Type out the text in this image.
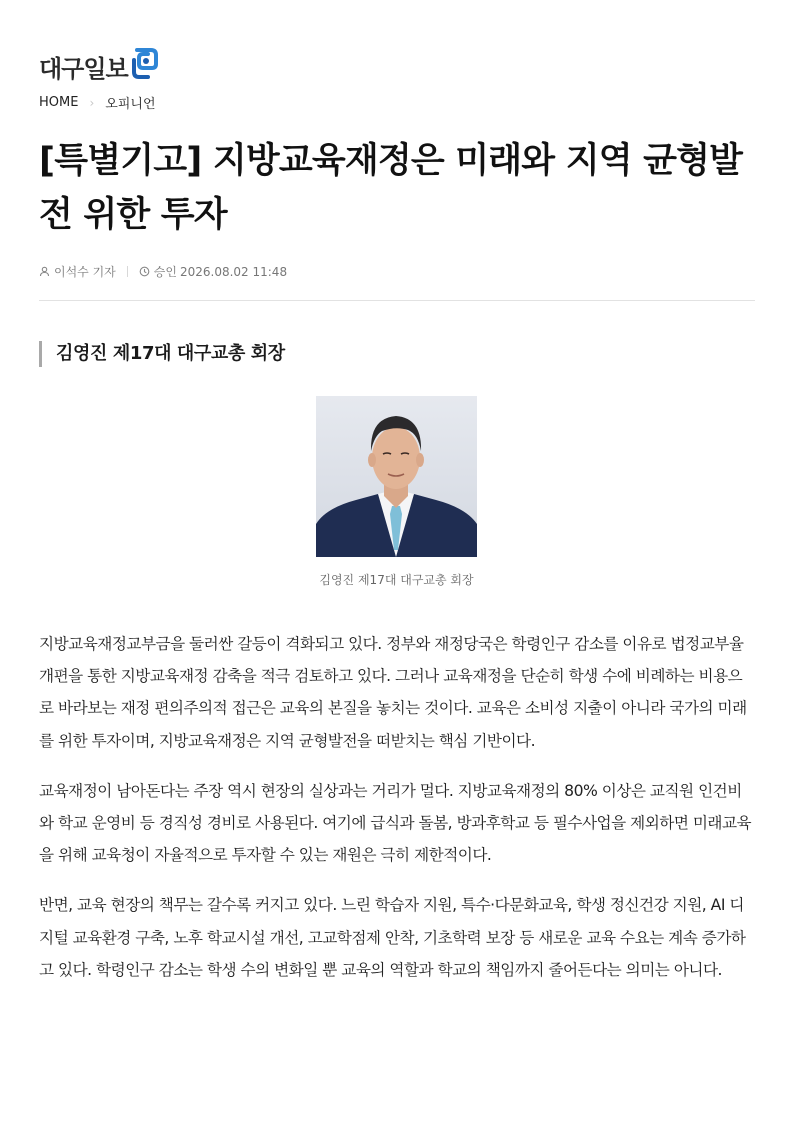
대구일보
HOME › 오피니언
[특별기고] 지방교육재정은 미래와 지역 균형발전 위한 투자
이석수 기자	승인 2026.08.02 11:48
김영진 제17대 대구교총 회장
김영진 제17대 대구교총 회장

지방교육재정교부금을 둘러싼 갈등이 격화되고 있다. 정부와 재정당국은 학령인구 감소를 이유로 법정교부율 개편을 통한 지방교육재정 감축을 적극 검토하고 있다. 그러나 교육재정을 단순히 학생 수에 비례하는 비용으로 바라보는 재정 편의주의적 접근은 교육의 본질을 놓치는 것이다. 교육은 소비성 지출이 아니라 국가의 미래를 위한 투자이며, 지방교육재정은 지역 균형발전을 떠받치는 핵심 기반이다.

교육재정이 남아돈다는 주장 역시 현장의 실상과는 거리가 멀다. 지방교육재정의 80% 이상은 교직원 인건비와 학교 운영비 등 경직성 경비로 사용된다. 여기에 급식과 돌봄, 방과후학교 등 필수사업을 제외하면 미래교육을 위해 교육청이 자율적으로 투자할 수 있는 재원은 극히 제한적이다.

반면, 교육 현장의 책무는 갈수록 커지고 있다. 느린 학습자 지원, 특수·다문화교육, 학생 정신건강 지원, AI 디지털 교육환경 구축, 노후 학교시설 개선, 고교학점제 안착, 기초학력 보장 등 새로운 교육 수요는 계속 증가하고 있다. 학령인구 감소는 학생 수의 변화일 뿐 교육의 역할과 학교의 책임까지 줄어든다는 의미는 아니다.
